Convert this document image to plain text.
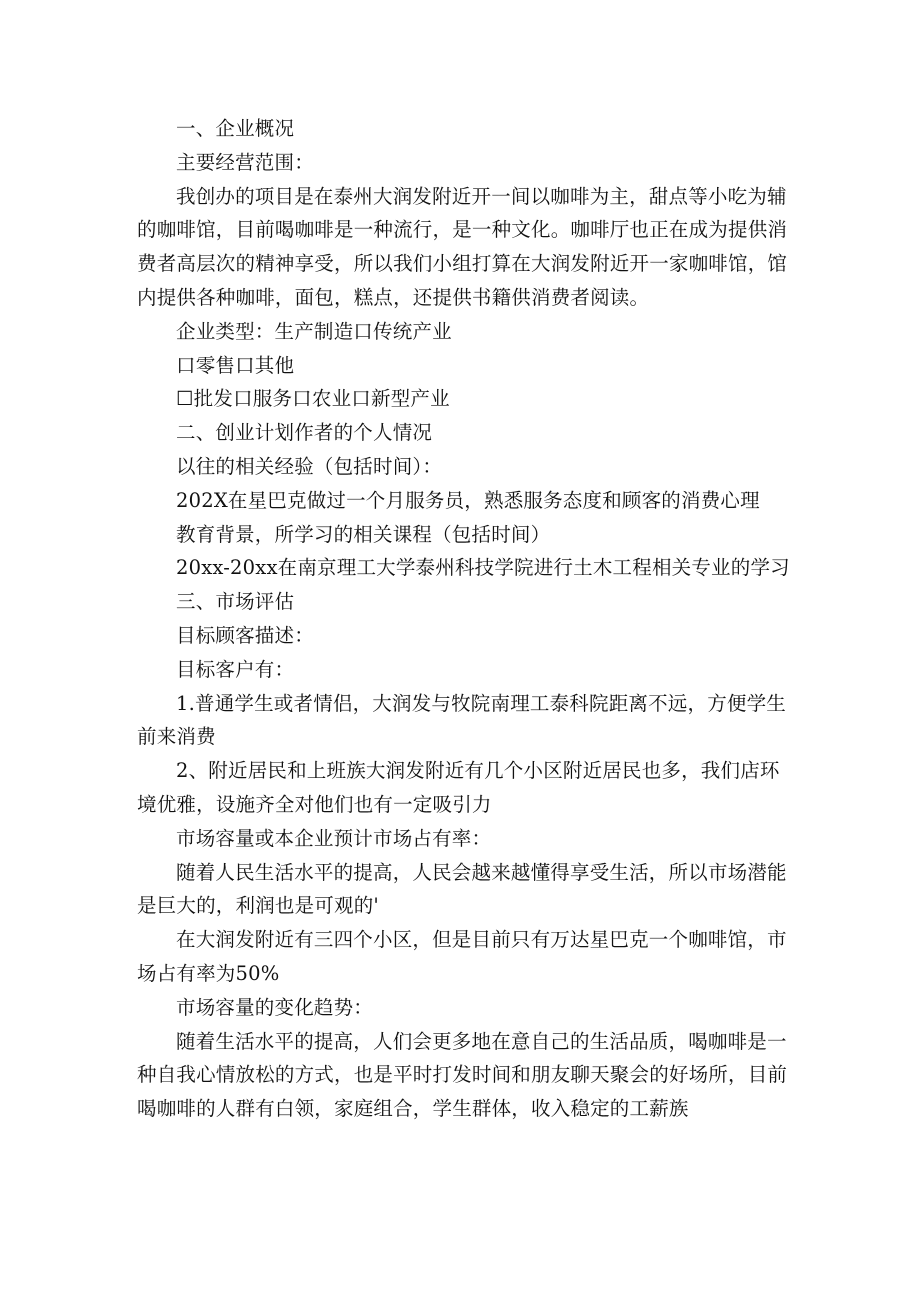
一、企业概况

主要经营范围：

我创办的项目是在泰州大润发附近开一间以咖啡为主，甜点等小吃为辅的咖啡馆，目前喝咖啡是一种流行，是一种文化。咖啡厅也正在成为提供消费者高层次的精神享受，所以我们小组打算在大润发附近开一家咖啡馆，馆内提供各种咖啡，面包，糕点，还提供书籍供消费者阅读。

企业类型：生产制造口传统产业

口零售口其他

☐批发口服务口农业口新型产业

二、创业计划作者的个人情况

以往的相关经验（包括时间）：

202X在星巴克做过一个月服务员，熟悉服务态度和顾客的消费心理

教育背景，所学习的相关课程（包括时间）

20xx-20xx在南京理工大学泰州科技学院进行土木工程相关专业的学习

三、市场评估

目标顾客描述：

目标客户有：

1.普通学生或者情侣，大润发与牧院南理工泰科院距离不远，方便学生前来消费

2、附近居民和上班族大润发附近有几个小区附近居民也多，我们店环境优雅，设施齐全对他们也有一定吸引力

市场容量或本企业预计市场占有率：

随着人民生活水平的提高，人民会越来越懂得享受生活，所以市场潜能是巨大的，利润也是可观的'

在大润发附近有三四个小区，但是目前只有万达星巴克一个咖啡馆，市场占有率为50%

市场容量的变化趋势：

随着生活水平的提高，人们会更多地在意自己的生活品质，喝咖啡是一种自我心情放松的方式，也是平时打发时间和朋友聊天聚会的好场所，目前喝咖啡的人群有白领，家庭组合，学生群体，收入稳定的工薪族
